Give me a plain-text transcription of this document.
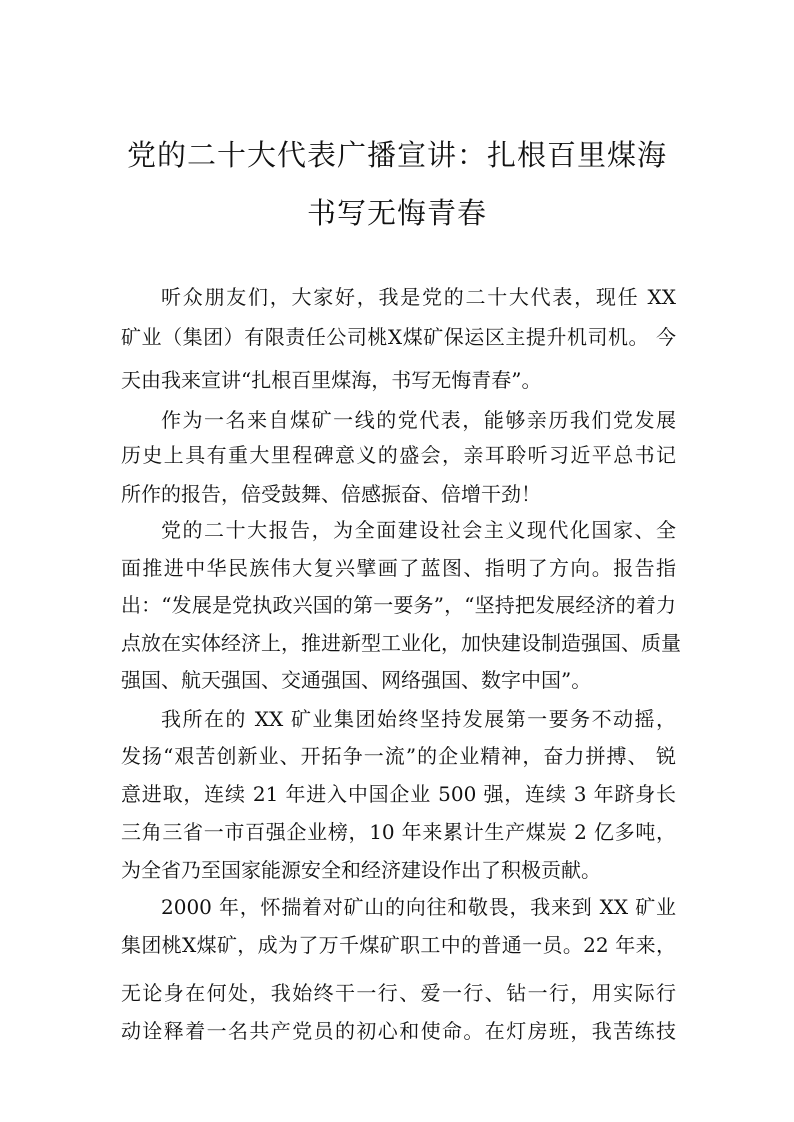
党的二十大代表广播宣讲：扎根百里煤海
书写无悔青春
听众朋友们，大家好，我是党的二十大代表，现任 XX
矿业（集团）有限责任公司桃X煤矿保运区主提升机司机。 今
天由我来宣讲“扎根百里煤海，书写无悔青春”。
作为一名来自煤矿一线的党代表，能够亲历我们党发展
历史上具有重大里程碑意义的盛会，亲耳聆听习近平总书记
所作的报告，倍受鼓舞、倍感振奋、倍增干劲！
党的二十大报告，为全面建设社会主义现代化国家、全
面推进中华民族伟大复兴擘画了蓝图、指明了方向。报告指
出：“发展是党执政兴国的第一要务”，“坚持把发展经济的着力
点放在实体经济上，推进新型工业化，加快建设制造强国、质量
强国、航天强国、交通强国、网络强国、数字中国”。
我所在的 XX 矿业集团始终坚持发展第一要务不动摇，
发扬“艰苦创新业、开拓争一流”的企业精神，奋力拼搏、 锐
意进取，连续 21 年进入中国企业 500 强，连续 3 年跻身长
三角三省一市百强企业榜，10 年来累计生产煤炭 2 亿多吨，
为全省乃至国家能源安全和经济建设作出了积极贡献。
2000 年，怀揣着对矿山的向往和敬畏，我来到 XX 矿业
集团桃X煤矿，成为了万千煤矿职工中的普通一员。22 年来，
无论身在何处，我始终干一行、爱一行、钻一行，用实际行
动诠释着一名共产党员的初心和使命。在灯房班，我苦练技
